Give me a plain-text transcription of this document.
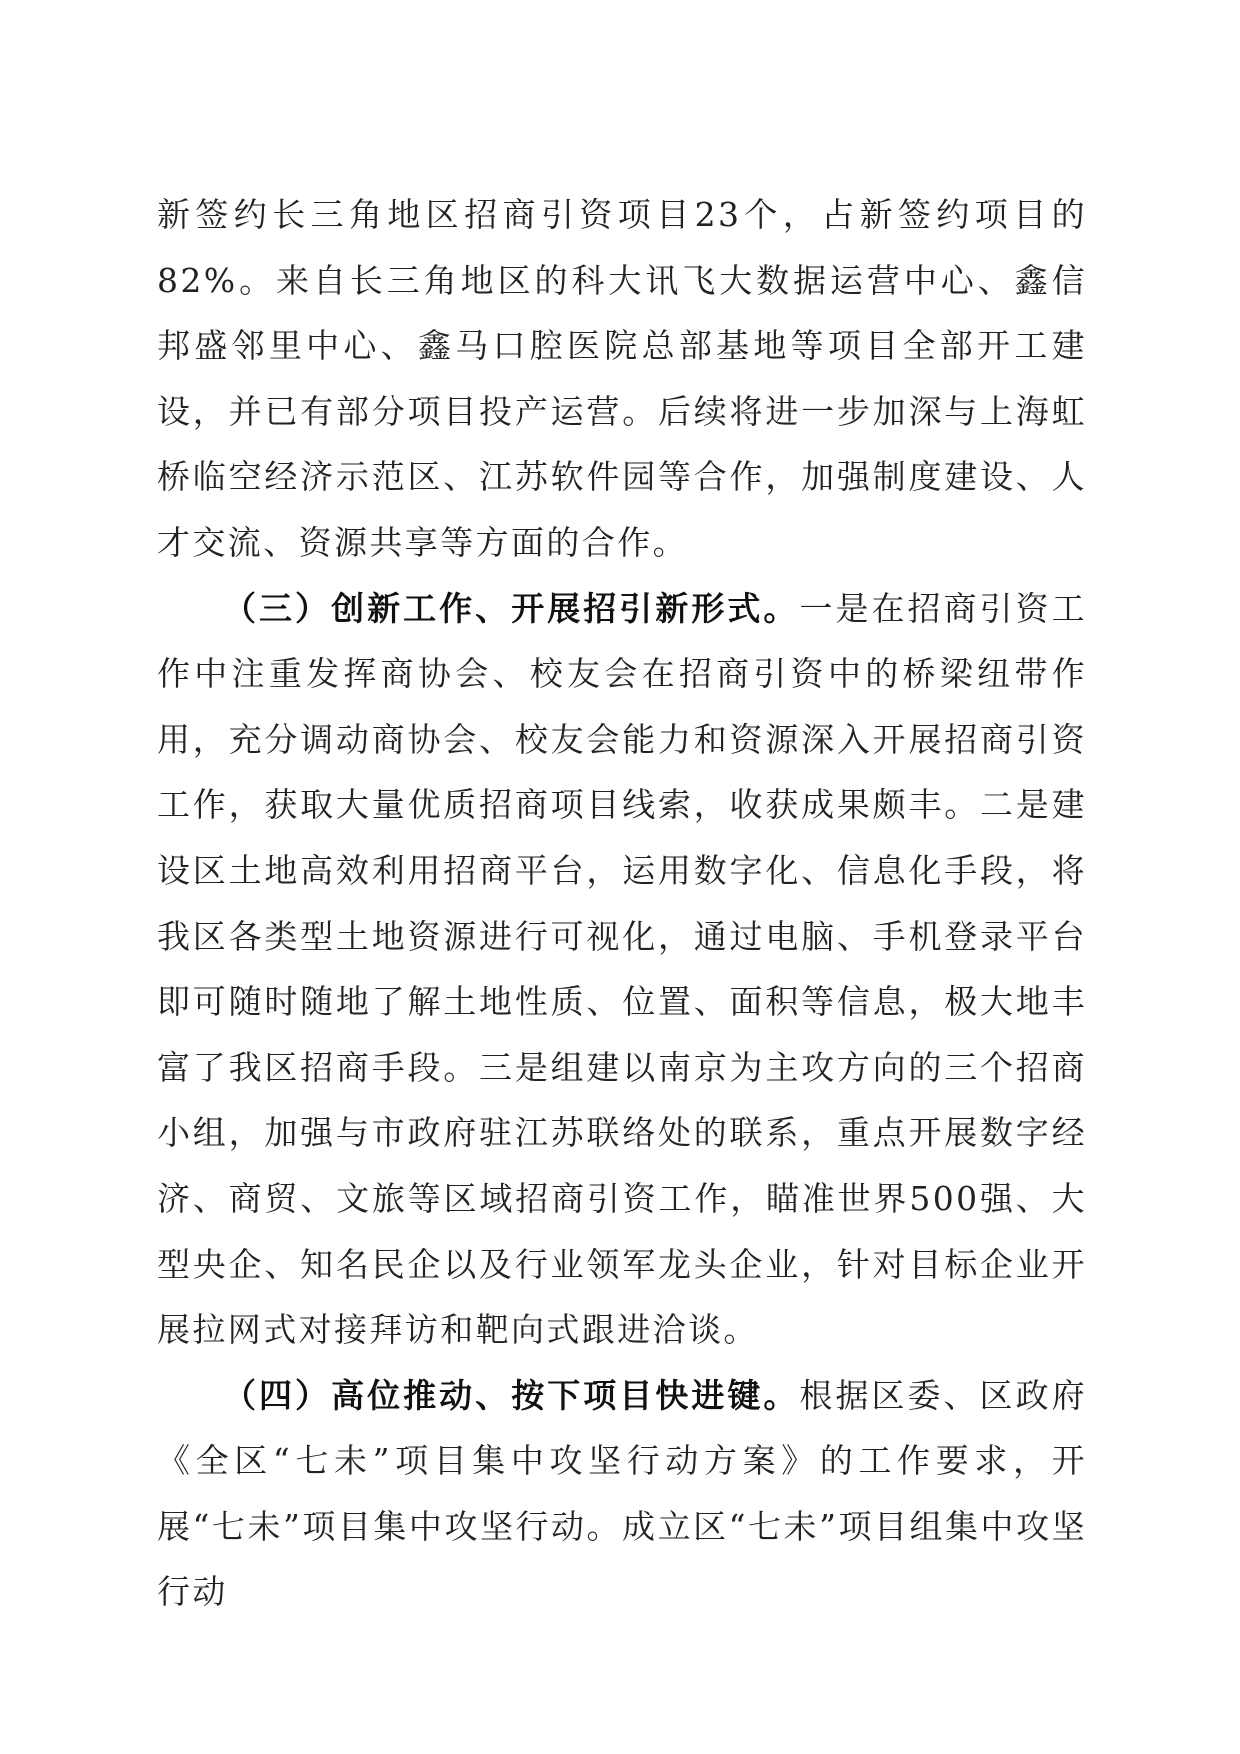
新签约长三角地区招商引资项目23个，占新签约项目的82%。来自长三角地区的科大讯飞大数据运营中心、鑫信邦盛邻里中心、鑫马口腔医院总部基地等项目全部开工建设，并已有部分项目投产运营。后续将进一步加深与上海虹桥临空经济示范区、江苏软件园等合作，加强制度建设、人才交流、资源共享等方面的合作。

（三）创新工作、开展招引新形式。一是在招商引资工作中注重发挥商协会、校友会在招商引资中的桥梁纽带作用，充分调动商协会、校友会能力和资源深入开展招商引资工作，获取大量优质招商项目线索，收获成果颇丰。二是建设区土地高效利用招商平台，运用数字化、信息化手段，将我区各类型土地资源进行可视化，通过电脑、手机登录平台即可随时随地了解土地性质、位置、面积等信息，极大地丰富了我区招商手段。三是组建以南京为主攻方向的三个招商小组，加强与市政府驻江苏联络处的联系，重点开展数字经济、商贸、文旅等区域招商引资工作，瞄准世界500强、大型央企、知名民企以及行业领军龙头企业，针对目标企业开展拉网式对接拜访和靶向式跟进洽谈。

（四）高位推动、按下项目快进键。根据区委、区政府《全区“七未”项目集中攻坚行动方案》的工作要求，开展“七未”项目集中攻坚行动。成立区“七未”项目组集中攻坚行动
